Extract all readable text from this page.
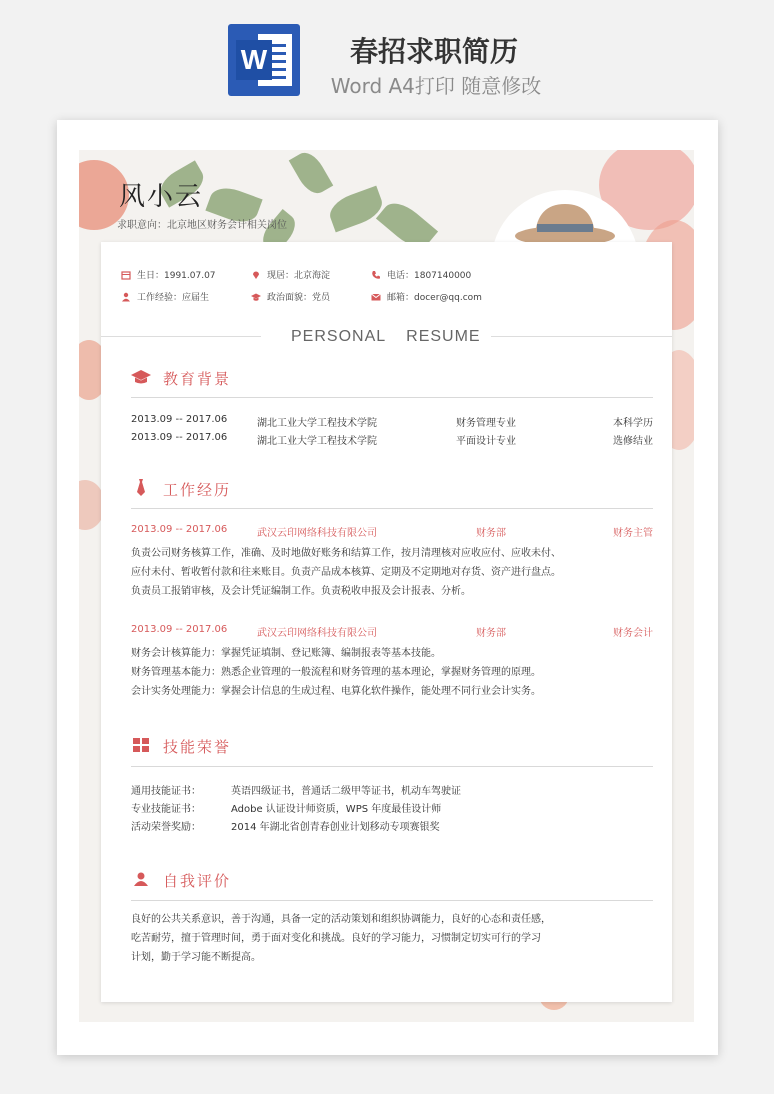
W	春招求职简历
Word A4打印 随意修改
风小云
求职意向：北京地区财务会计相关岗位
生日：1991.07.07	现居：北京海淀	电话：1807140000
工作经验：应届生	政治面貌：党员	邮箱：docer@qq.com
PERSONAL RESUME
教育背景
2013.09 -- 2017.06	湖北工业大学工程技术学院	财务管理专业	本科学历
2013.09 -- 2017.06	湖北工业大学工程技术学院	平面设计专业	选修结业
工作经历
2013.09 -- 2017.06	武汉云印网络科技有限公司	财务部	财务主管
负责公司财务核算工作，准确、及时地做好账务和结算工作，按月清理核对应收应付、应收未付、
应付未付、暂收暂付款和往来账目。负责产品成本核算、定期及不定期地对存货、资产进行盘点。
负责员工报销审核，及会计凭证编制工作。负责税收申报及会计报表、分析。
2013.09 -- 2017.06	武汉云印网络科技有限公司	财务部	财务会计
财务会计核算能力：掌握凭证填制、登记账簿、编制报表等基本技能。
财务管理基本能力：熟悉企业管理的一般流程和财务管理的基本理论，掌握财务管理的原理。
会计实务处理能力：掌握会计信息的生成过程、电算化软件操作，能处理不同行业会计实务。
技能荣誉
通用技能证书：	英语四级证书，普通话二级甲等证书，机动车驾驶证
专业技能证书：	Adobe 认证设计师资质，WPS 年度最佳设计师
活动荣誉奖励：	2014 年湖北省创青春创业计划移动专项赛银奖
自我评价
良好的公共关系意识，善于沟通，具备一定的活动策划和组织协调能力，良好的心态和责任感，
吃苦耐劳，擅于管理时间，勇于面对变化和挑战。良好的学习能力，习惯制定切实可行的学习
计划，勤于学习能不断提高。
